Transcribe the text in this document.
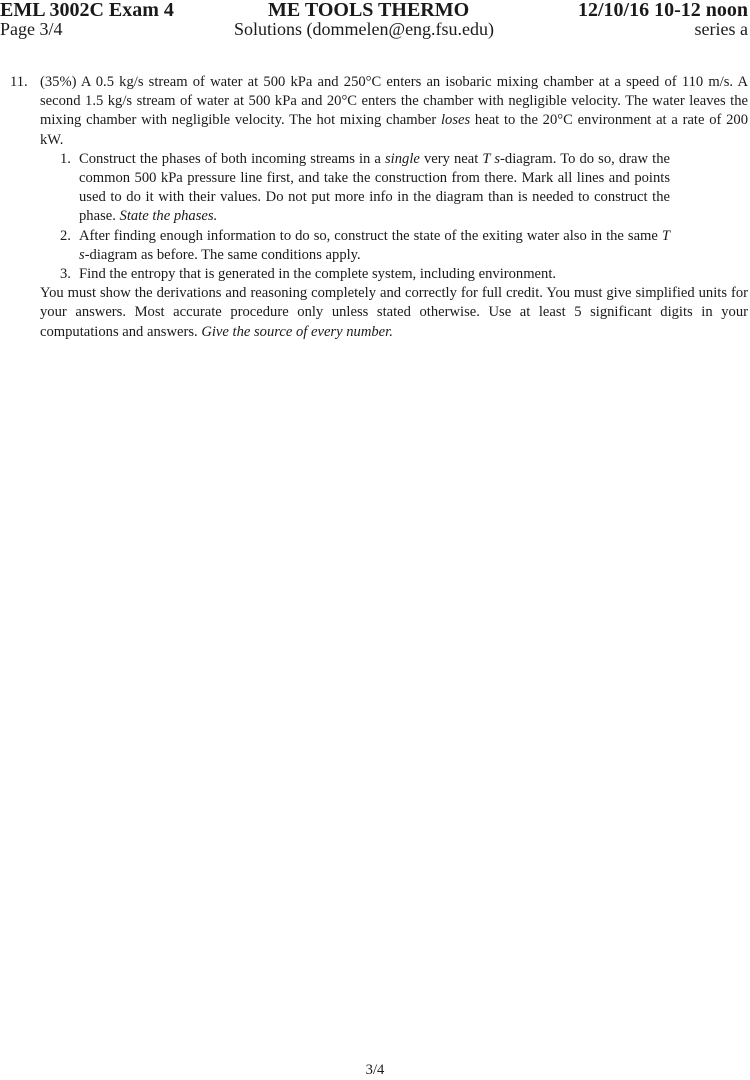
EML 3002C Exam 4
Page 3/4
ME TOOLS THERMO
Solutions (dommelen@eng.fsu.edu)
12/10/16 10-12 noon
series a
11. (35%) A 0.5 kg/s stream of water at 500 kPa and 250°C enters an isobaric mixing chamber at a speed of 110 m/s. A second 1.5 kg/s stream of water at 500 kPa and 20°C enters the chamber with negligible velocity. The water leaves the mixing chamber with negligible velocity. The hot mixing chamber loses heat to the 20°C environment at a rate of 200 kW.
1. Construct the phases of both incoming streams in a single very neat T s-diagram. To do so, draw the common 500 kPa pressure line first, and take the construction from there. Mark all lines and points used to do it with their values. Do not put more info in the diagram than is needed to construct the phase. State the phases.
2. After finding enough information to do so, construct the state of the exiting water also in the same T s-diagram as before. The same conditions apply.
3. Find the entropy that is generated in the complete system, including environment.
You must show the derivations and reasoning completely and correctly for full credit. You must give simplified units for your answers. Most accurate procedure only unless stated otherwise. Use at least 5 significant digits in your computations and answers. Give the source of every number.
3/4
